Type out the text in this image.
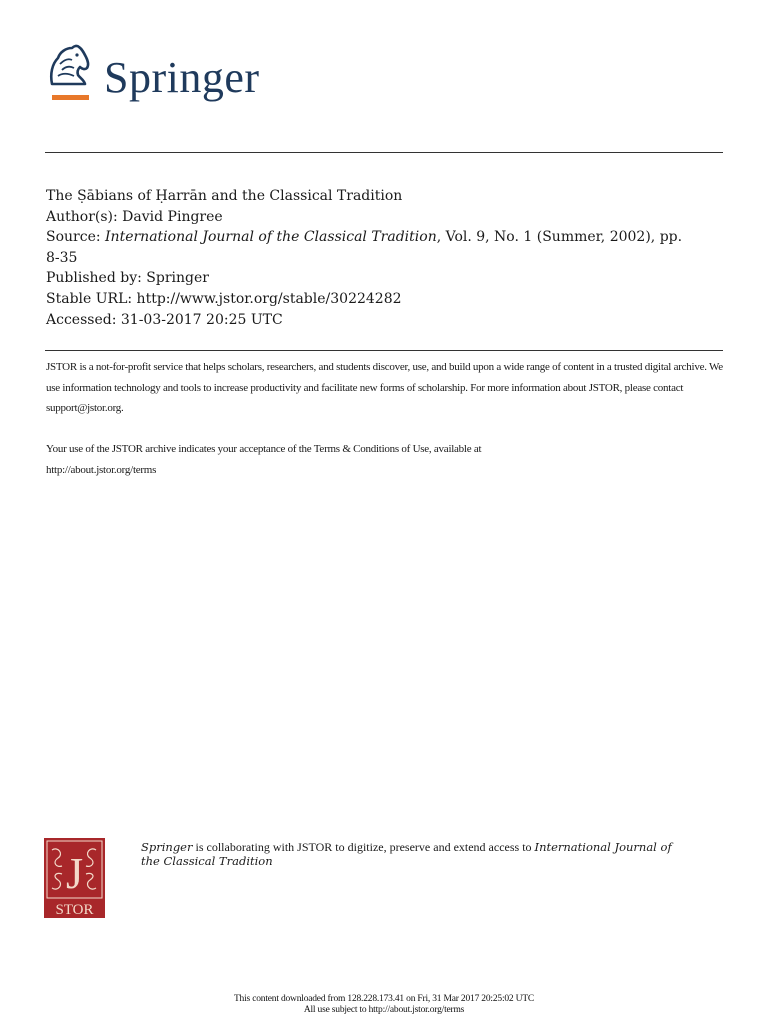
Springer
The Ṣābians of Ḥarrān and the Classical Tradition
Author(s): David Pingree
Source: International Journal of the Classical Tradition, Vol. 9, No. 1 (Summer, 2002), pp.
8-35
Published by: Springer
Stable URL: http://www.jstor.org/stable/30224282
Accessed: 31-03-2017 20:25 UTC

JSTOR is a not-for-profit service that helps scholars, researchers, and students discover, use, and build upon a wide range of content in a trusted digital archive. We use information technology and tools to increase productivity and facilitate new forms of scholarship. For more information about JSTOR, please contact support@jstor.org.

Your use of the JSTOR archive indicates your acceptance of the Terms & Conditions of Use, available at
http://about.jstor.org/terms

J
STOR
Springer is collaborating with JSTOR to digitize, preserve and extend access to International Journal of the Classical Tradition
This content downloaded from 128.228.173.41 on Fri, 31 Mar 2017 20:25:02 UTC
All use subject to http://about.jstor.org/terms
